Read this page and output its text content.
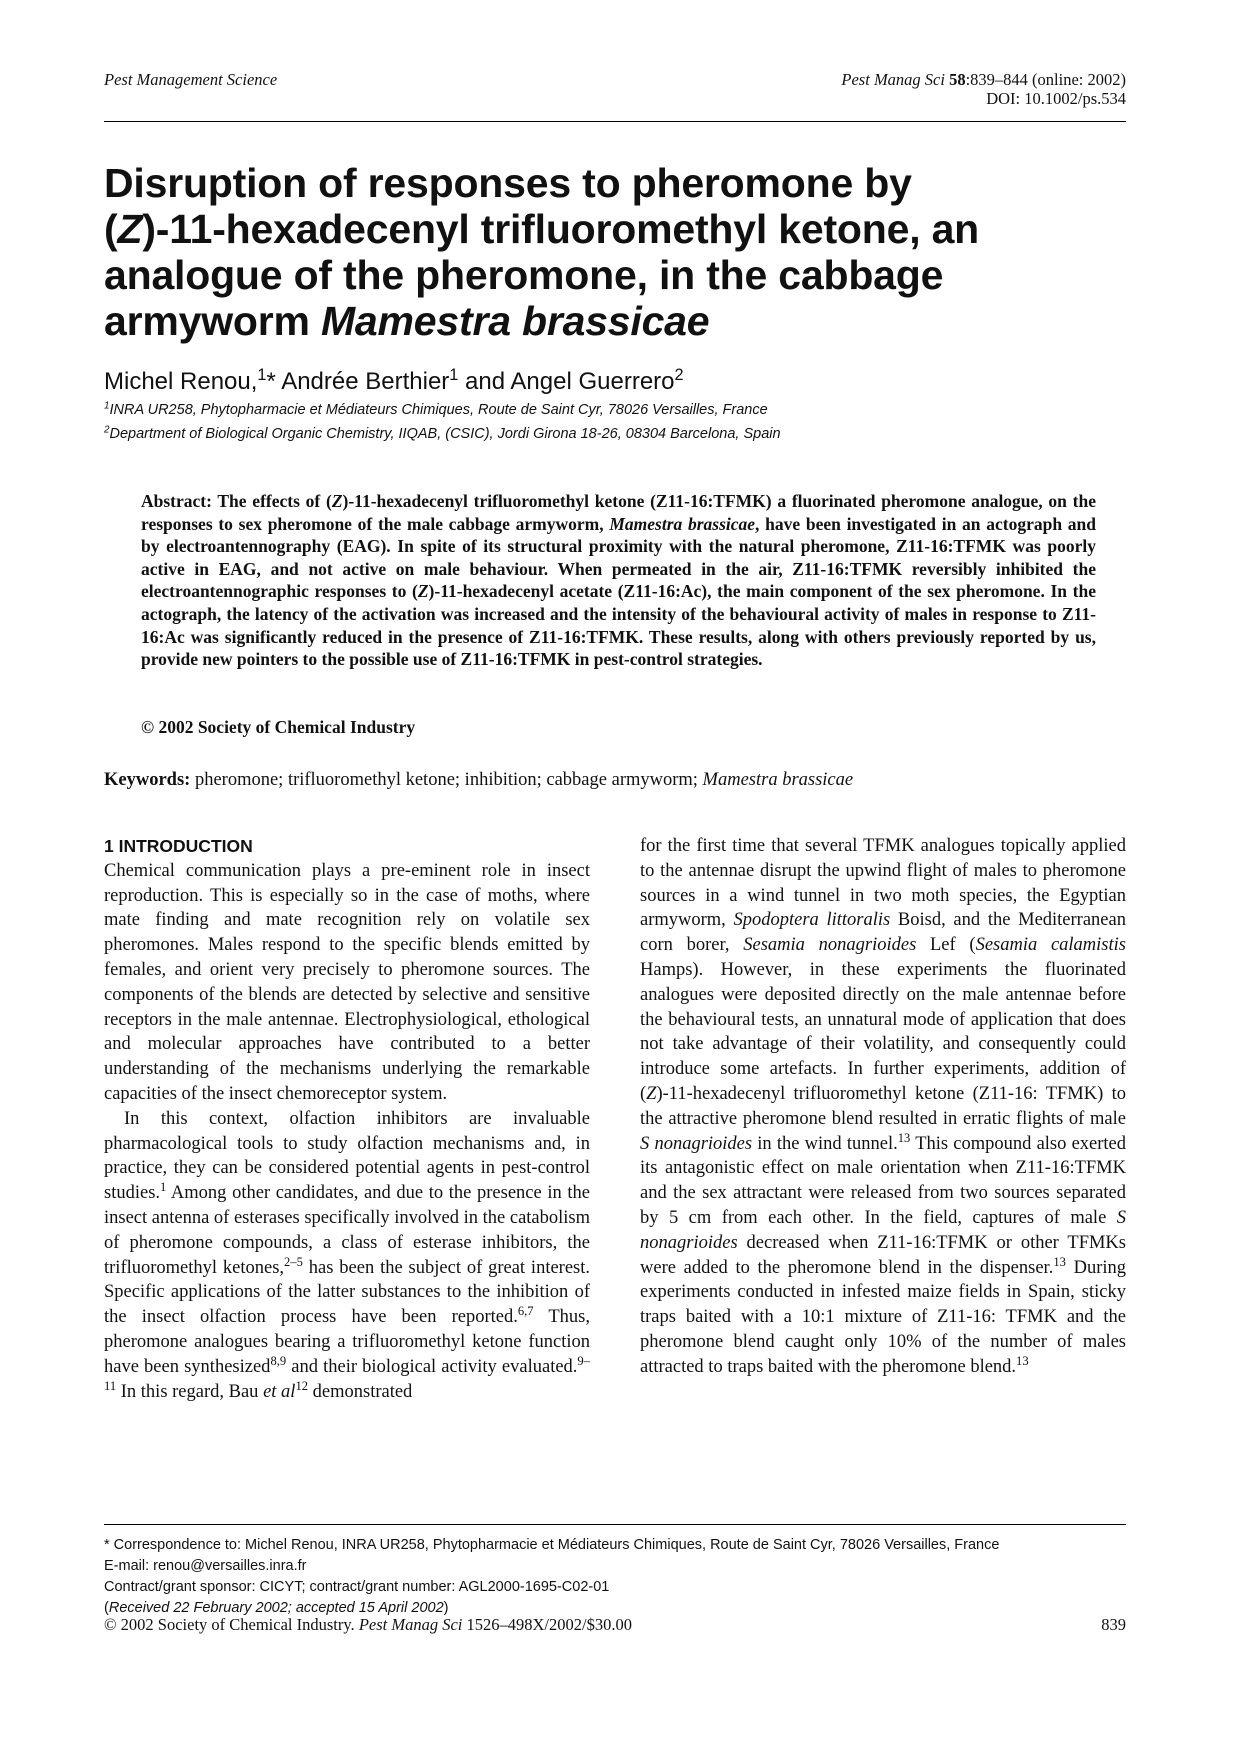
Pest Management Science	Pest Manag Sci 58:839–844 (online: 2002)
DOI: 10.1002/ps.534
Disruption of responses to pheromone by
(Z)-11-hexadecenyl trifluoromethyl ketone, an
analogue of the pheromone, in the cabbage
armyworm Mamestra brassicae
Michel Renou,$^1$* Andrée Berthier$^1$ and Angel Guerrero$^2$
$^1$INRA UR258, Phytopharmacie et Médiateurs Chimiques, Route de Saint Cyr, 78026 Versailles, France
$^2$Department of Biological Organic Chemistry, IIQAB, (CSIC), Jordi Girona 18-26, 08304 Barcelona, Spain

Abstract: The effects of (Z)-11-hexadecenyl trifluoromethyl ketone (Z11-16:TFMK) a fluorinated pheromone analogue, on the responses to sex pheromone of the male cabbage armyworm, Mamestra brassicae, have been investigated in an actograph and by electroantennography (EAG). In spite of its structural proximity with the natural pheromone, Z11-16:TFMK was poorly active in EAG, and not active on male behaviour. When permeated in the air, Z11-16:TFMK reversibly inhibited the electroantennographic responses to (Z)-11-hexadecenyl acetate (Z11-16:Ac), the main component of the sex pheromone. In the actograph, the latency of the activation was increased and the intensity of the behavioural activity of males in response to Z11-16:Ac was significantly reduced in the presence of Z11-16:TFMK. These results, along with others previously reported by us, provide new pointers to the possible use of Z11-16:TFMK in pest-control strategies.

© 2002 Society of Chemical Industry
Keywords: pheromone; trifluoromethyl ketone; inhibition; cabbage armyworm; Mamestra brassicae
1 INTRODUCTION

Chemical communication plays a pre-eminent role in insect reproduction. This is especially so in the case of moths, where mate finding and mate recognition rely on volatile sex pheromones. Males respond to the specific blends emitted by females, and orient very precisely to pheromone sources. The components of the blends are detected by selective and sensitive receptors in the male antennae. Electrophysiological, ethological and molecular approaches have contributed to a better understanding of the mechanisms underlying the remarkable capacities of the insect chemoreceptor system.

In this context, olfaction inhibitors are invaluable pharmacological tools to study olfaction mechanisms and, in practice, they can be considered potential agents in pest-control studies.$^1$ Among other candidates, and due to the presence in the insect antenna of esterases specifically involved in the catabolism of pheromone compounds, a class of esterase inhibitors, the trifluoromethyl ketones,$^{2-5}$ has been the subject of great interest. Specific applications of the latter substances to the inhibition of the insect olfaction process have been reported.$^{6,7}$ Thus, pheromone analogues bearing a trifluoromethyl ketone function have been synthesized$^{8,9}$ and their biological activity evaluated.$^{9-11}$ In this regard, Bau et $al^{12}$ demonstrated

for the first time that several TFMK analogues topically applied to the antennae disrupt the upwind flight of males to pheromone sources in a wind tunnel in two moth species, the Egyptian armyworm, Spodoptera littoralis Boisd, and the Mediterranean corn borer, Sesamia nonagrioides Lef (Sesamia calamistis Hamps). However, in these experiments the fluorinated analogues were deposited directly on the male antennae before the behavioural tests, an unnatural mode of application that does not take advantage of their volatility, and consequently could introduce some artefacts. In further experiments, addition of (Z)-11-hexadecenyl trifluoromethyl ketone (Z11-16: TFMK) to the attractive pheromone blend resulted in erratic flights of male S nonagrioides in the wind tunnel.$^{13}$ This compound also exerted its antagonistic effect on male orientation when Z11-16:TFMK and the sex attractant were released from two sources separated by 5 cm from each other. In the field, captures of male S nonagrioides decreased when Z11-16:TFMK or other TFMKs were added to the pheromone blend in the dispenser.$^{13}$ During experiments conducted in infested maize fields in Spain, sticky traps baited with a 10:1 mixture of Z11-16: TFMK and the pheromone blend caught only 10% of the number of males attracted to traps baited with the pheromone blend.$^{13}$

* Correspondence to: Michel Renou, INRA UR258, Phytopharmacie et Médiateurs Chimiques, Route de Saint Cyr, 78026 Versailles, France
E-mail: renou@versailles.inra.fr
Contract/grant sponsor: CICYT; contract/grant number: AGL2000-1695-C02-01
(Received 22 February 2002; accepted 15 April 2002)
© 2002 Society of Chemical Industry. Pest Manag Sci 1526–498X/2002/$30.00	839
